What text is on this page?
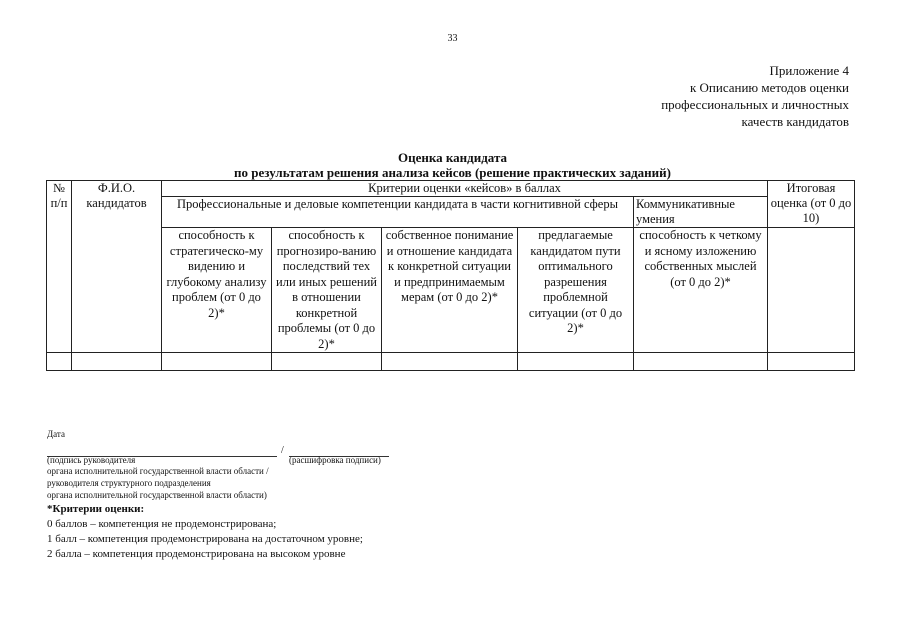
33
Приложение 4
к Описанию методов оценки
профессиональных и личностных
качеств кандидатов
Оценка кандидата
по результатам решения анализа кейсов (решение практических заданий)
№ п/п	Ф.И.О. кандидатов	Критерии оценки «кейсов» в баллах					Итоговая оценка (от 0 до 10)
		Профессиональные и деловые компетенции кандидата в части когнитивной сферы				Коммуникативные умения	
		способность к стратегическо-му видению и глубокому анализу проблем (от 0 до 2)*	способность к прогнозиро-ванию последствий тех или иных решений в отношении конкретной проблемы (от 0 до 2)*	собственное понимание и отношение кандидата к конкретной ситуации и предпринимаемым мерам (от 0 до 2)*	предлагаемые кандидатом пути оптимального разрешения проблемной ситуации (от 0 до 2)*	способность к четкому и ясному изложению собственных мыслей (от 0 до 2)*	

Дата
/
(подпись руководителя	(расшифровка подписи)
органа исполнительной государственной власти области /
руководителя структурного подразделения
органа исполнительной государственной власти области)
*Критерии оценки:
0 баллов – компетенция не продемонстрирована;
1 балл – компетенция продемонстрирована на достаточном уровне;
2 балла – компетенция продемонстрирована на высоком уровне
